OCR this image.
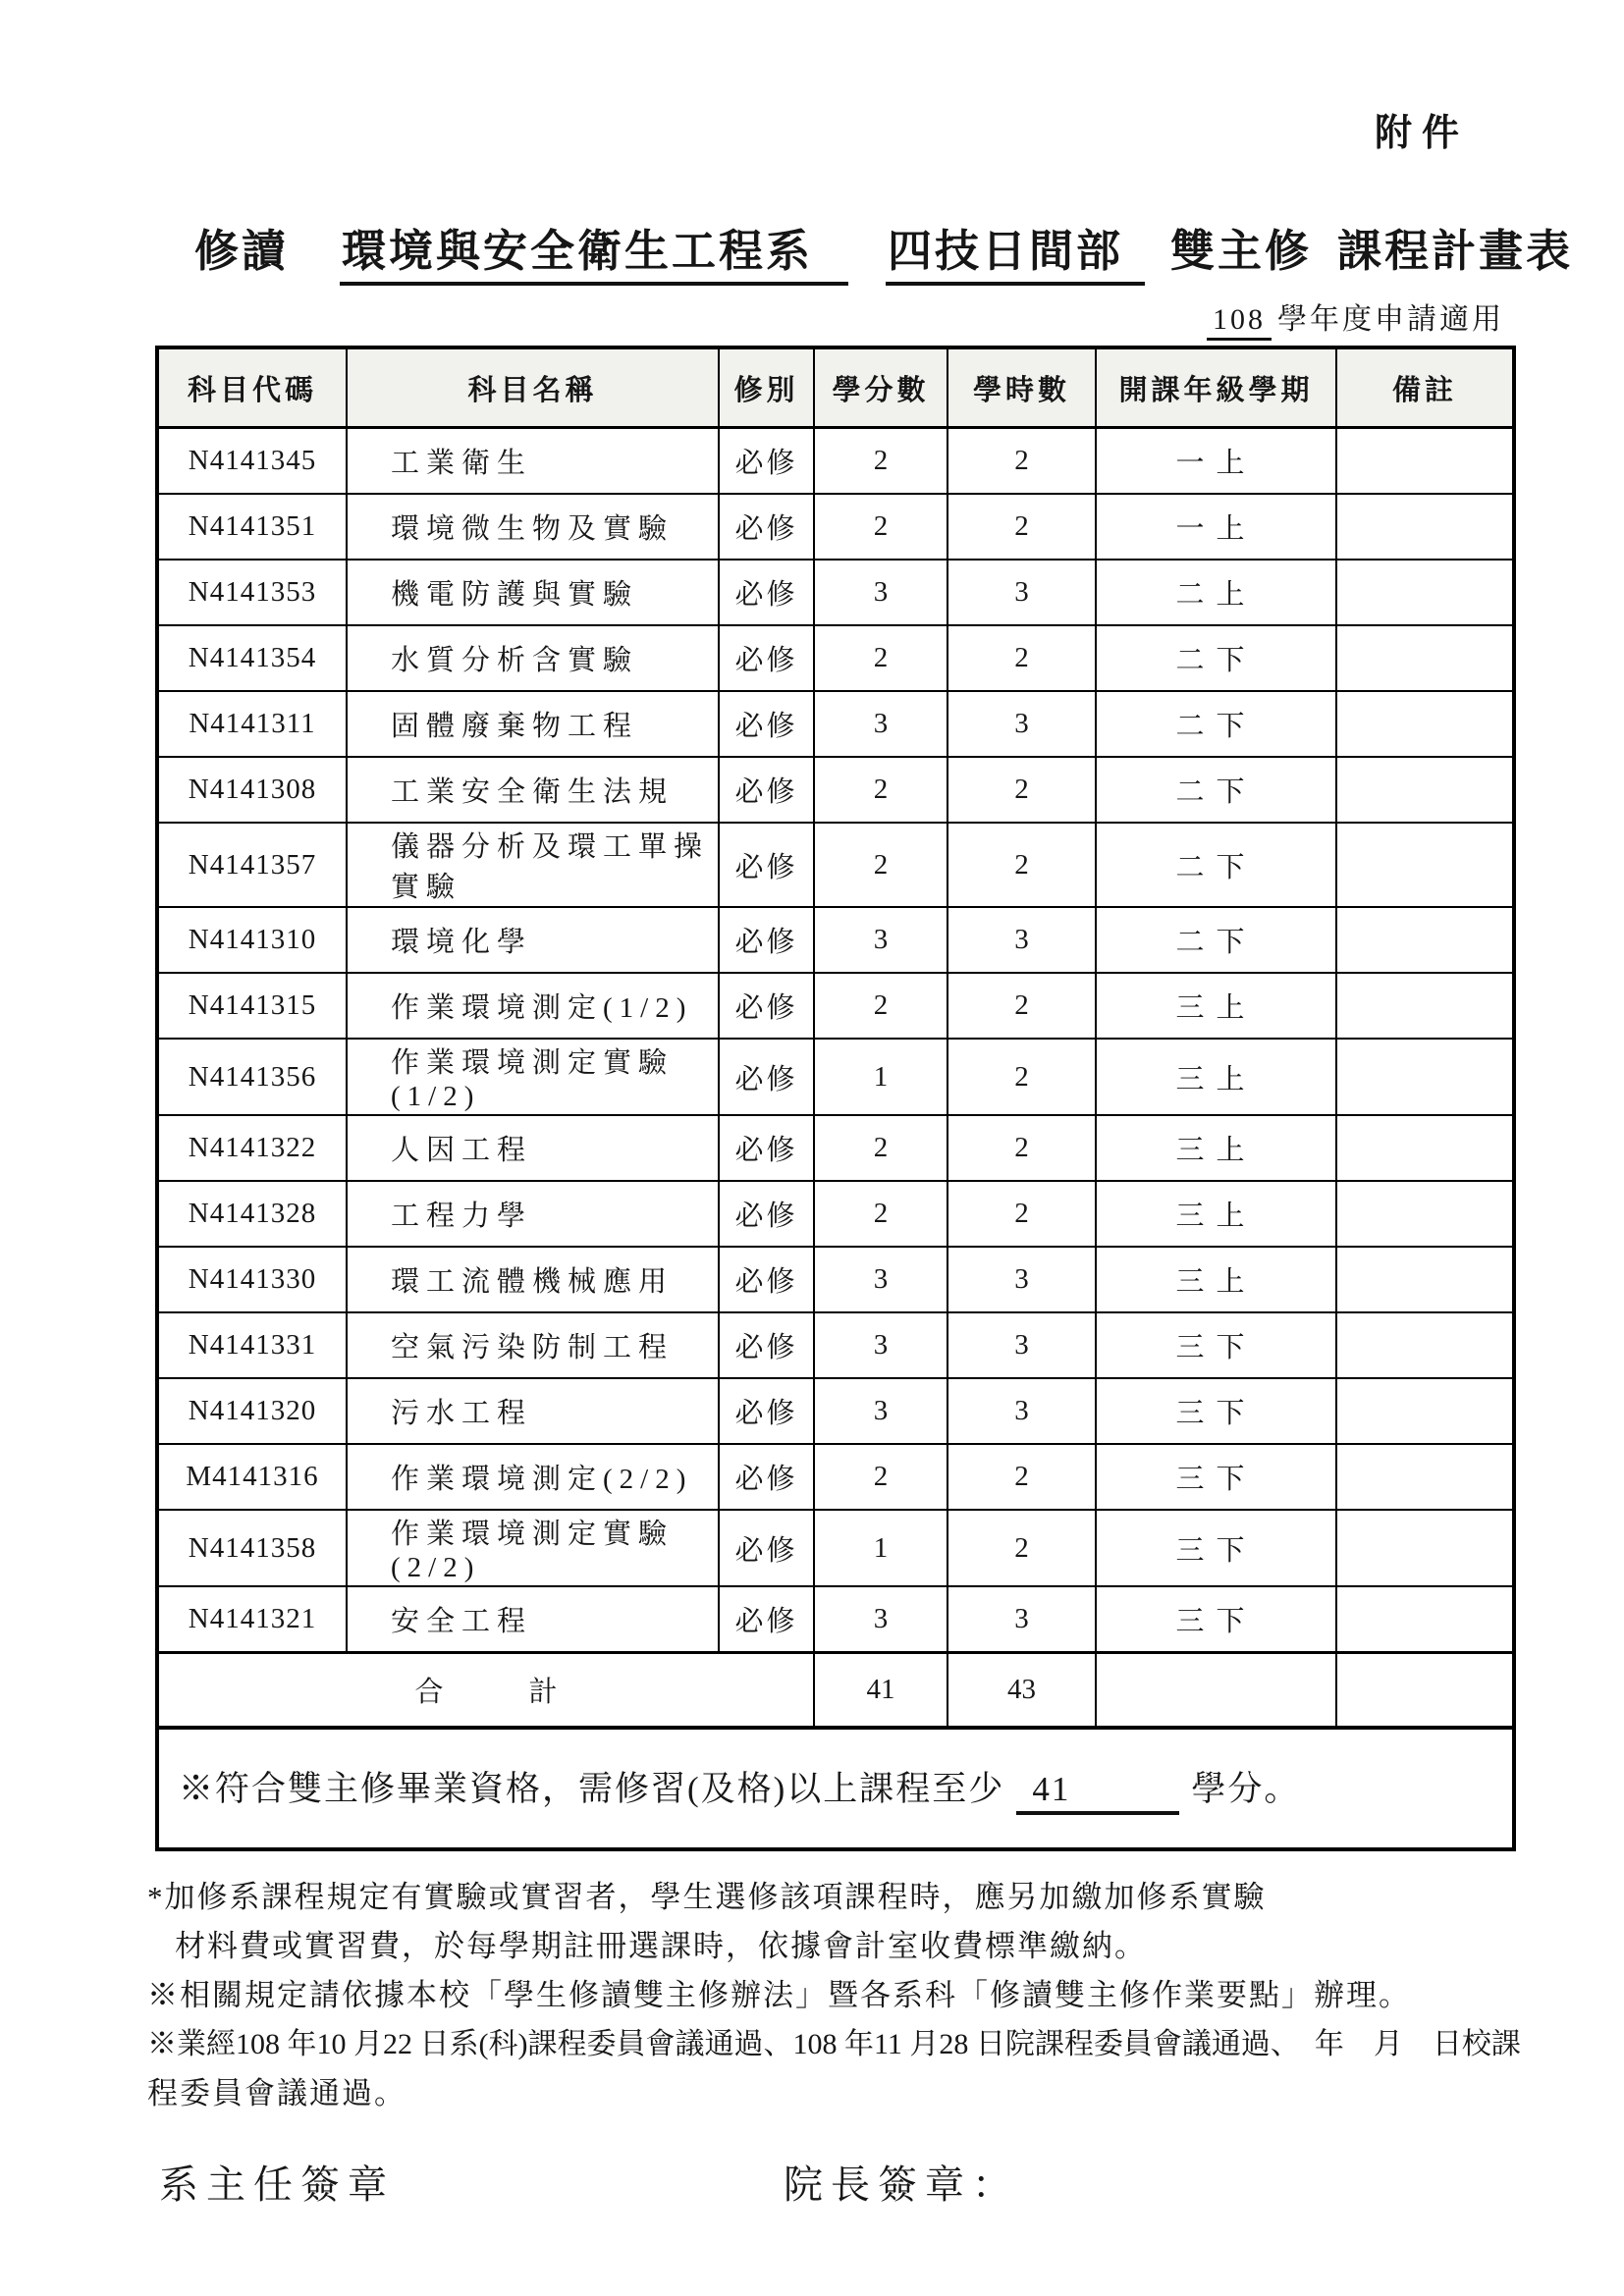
附件
修讀 環境與安全衛生工程系 四技日間部 雙主修 課程計畫表
108 學年度申請適用
科目代碼	科目名稱	修別	學分數	學時數	開課年級學期	備註
N4141345	工業衛生	必修	2	2	一上	
N4141351	環境微生物及實驗	必修	2	2	一上	
N4141353	機電防護與實驗	必修	3	3	二上	
N4141354	水質分析含實驗	必修	2	2	二下	
N4141311	固體廢棄物工程	必修	3	3	二下	
N4141308	工業安全衛生法規	必修	2	2	二下	
N4141357	儀器分析及環工單操實驗	必修	2	2	二下	
N4141310	環境化學	必修	3	3	二下	
N4141315	作業環境測定(1/2)	必修	2	2	三上	
N4141356	作業環境測定實驗(1/2)	必修	1	2	三上	
N4141322	人因工程	必修	2	2	三上	
N4141328	工程力學	必修	2	2	三上	
N4141330	環工流體機械應用	必修	3	3	三上	
N4141331	空氣污染防制工程	必修	3	3	三下	
N4141320	污水工程	必修	3	3	三下	
M4141316	作業環境測定(2/2)	必修	2	2	三下	
N4141358	作業環境測定實驗(2/2)	必修	1	2	三下	
N4141321	安全工程	必修	3	3	三下	
合　　　計			41	43		
※符合雙主修畢業資格，需修習(及格)以上課程至少 41 學分。						
*加修系課程規定有實驗或實習者，學生選修該項課程時，應另加繳加修系實驗
材料費或實習費，於每學期註冊選課時，依據會計室收費標準繳納。
※相關規定請依據本校「學生修讀雙主修辦法」暨各系科「修讀雙主修作業要點」辦理。
※業經108 年10 月22 日系(科)課程委員會議通過、108 年11 月28 日院課程委員會議通過、　年　月　日校課
程委員會議通過。
系主任簽章	院長簽章：
